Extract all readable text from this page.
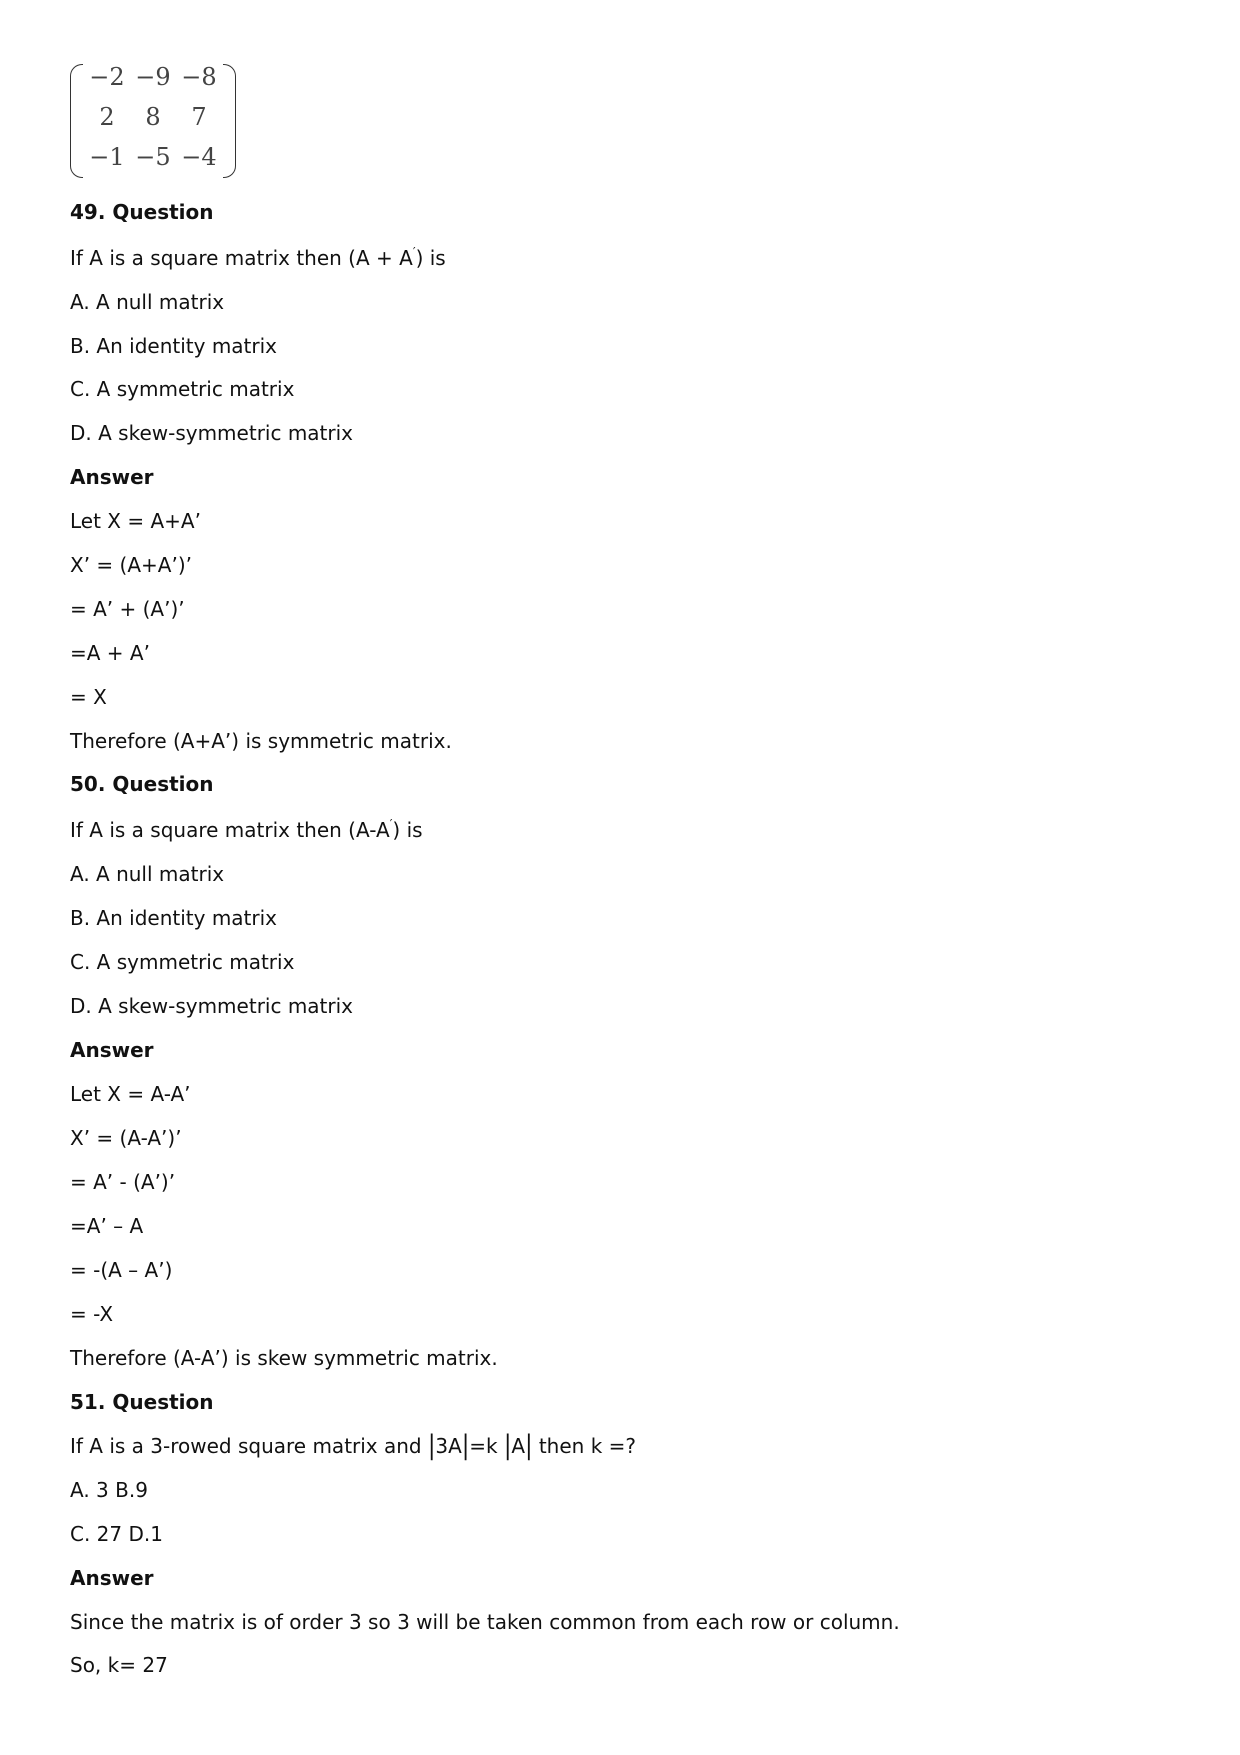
−2 −9 −8
2	8	7
−1 −5 −4
49. Question
If A is a square matrix then (A + A′) is
A. A null matrix
B. An identity matrix
C. A symmetric matrix
D. A skew-symmetric matrix
Answer
Let X = A+A’
X’ = (A+A’)’
= A’ + (A’)’
=A + A’
= X
Therefore (A+A’) is symmetric matrix.
50. Question
If A is a square matrix then (A-A′) is
A. A null matrix
B. An identity matrix
C. A symmetric matrix
D. A skew-symmetric matrix
Answer
Let X = A-A’
X’ = (A-A’)’
= A’ - (A’)’
=A’ – A
= -(A – A’)
= -X
Therefore (A-A’) is skew symmetric matrix.
51. Question
If A is a 3-rowed square matrix and |3A|=k |A| then k =?
A. 3 B.9
C. 27 D.1
Answer
Since the matrix is of order 3 so 3 will be taken common from each row or column.
So, k= 27
